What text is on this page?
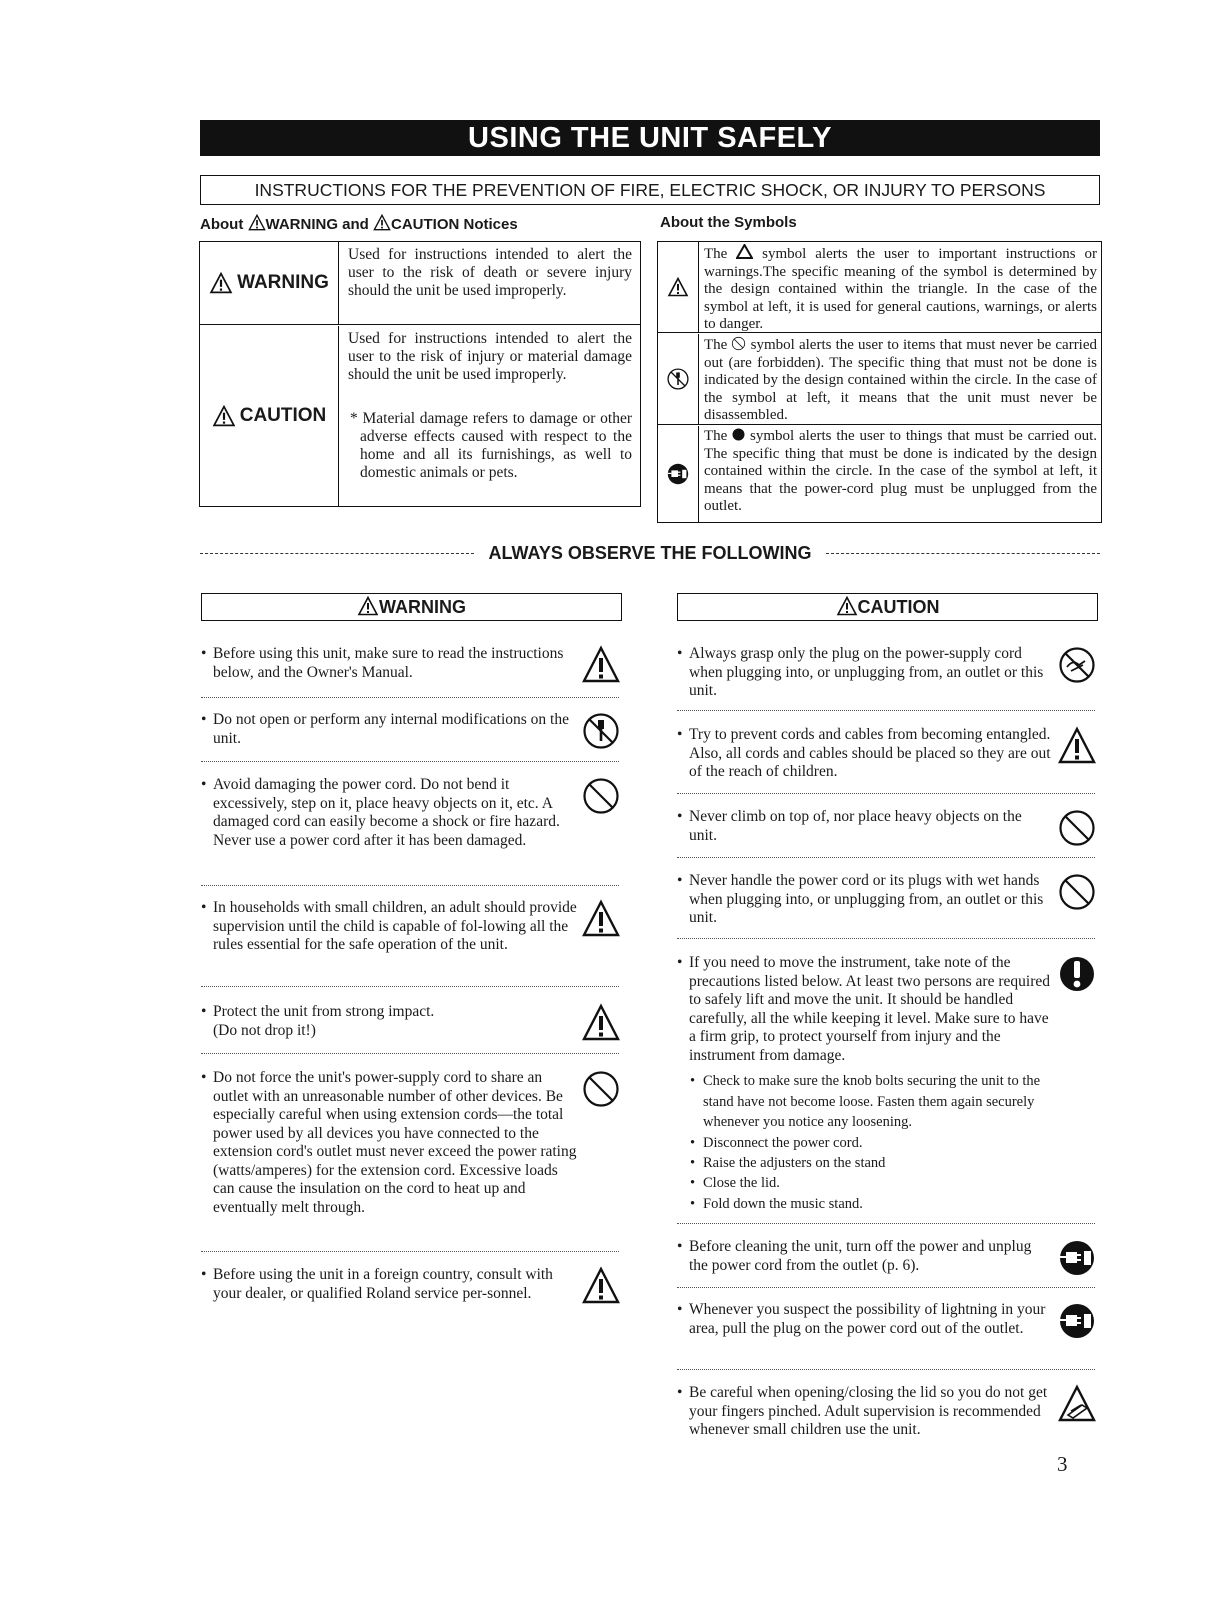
USING THE UNIT SAFELY
INSTRUCTIONS FOR THE PREVENTION OF FIRE, ELECTRIC SHOCK, OR INJURY TO PERSONS
About WARNING and CAUTION Notices	About the Symbols
WARNING
Used for instructions intended to alert the user to the risk of death or severe injury should the unit be used improperly.
CAUTION
Used for instructions intended to alert the user to the risk of injury or material damage should the unit be used improperly.
* Material damage refers to damage or other adverse effects caused with respect to the home and all its furnishings, as well to domestic animals or pets.
The symbol alerts the user to important instructions or warnings.The specific meaning of the symbol is determined by the design contained within the triangle. In the case of the symbol at left, it is used for general cautions, warnings, or alerts to danger.
The symbol alerts the user to items that must never be carried out (are forbidden). The specific thing that must not be done is indicated by the design contained within the circle. In the case of the symbol at left, it means that the unit must never be disassembled.
The symbol alerts the user to things that must be carried out. The specific thing that must be done is indicated by the design contained within the circle. In the case of the symbol at left, it means that the power-cord plug must be unplugged from the outlet.
ALWAYS OBSERVE THE FOLLOWING
WARNING	CAUTION
• Before using this unit, make sure to read the instructions below, and the Owner's Manual.
• Do not open or perform any internal modifications on the unit.
• Avoid damaging the power cord. Do not bend it excessively, step on it, place heavy objects on it, etc. A damaged cord can easily become a shock or fire hazard. Never use a power cord after it has been damaged.
• In households with small children, an adult should provide supervision until the child is capable of fol-lowing all the rules essential for the safe operation of the unit.
• Protect the unit from strong impact.
(Do not drop it!)
• Do not force the unit's power-supply cord to share an outlet with an unreasonable number of other devices. Be especially careful when using extension cords—the total power used by all devices you have connected to the extension cord's outlet must never exceed the power rating (watts/amperes) for the extension cord. Excessive loads can cause the insulation on the cord to heat up and eventually melt through.
• Before using the unit in a foreign country, consult with your dealer, or qualified Roland service per-sonnel.
• Always grasp only the plug on the power-supply cord when plugging into, or unplugging from, an outlet or this unit.
• Try to prevent cords and cables from becoming entangled. Also, all cords and cables should be placed so they are out of the reach of children.
• Never climb on top of, nor place heavy objects on the unit.
• Never handle the power cord or its plugs with wet hands when plugging into, or unplugging from, an outlet or this unit.
• If you need to move the instrument, take note of the precautions listed below. At least two persons are required to safely lift and move the unit. It should be handled carefully, all the while keeping it level. Make sure to have a firm grip, to protect yourself from injury and the instrument from damage.
• Check to make sure the knob bolts securing the unit to the stand have not become loose. Fasten them again securely whenever you notice any loosening.
• Disconnect the power cord.
• Raise the adjusters on the stand
• Close the lid.
• Fold down the music stand.
• Before cleaning the unit, turn off the power and unplug the power cord from the outlet (p. 6).
• Whenever you suspect the possibility of lightning in your area, pull the plug on the power cord out of the outlet.
• Be careful when opening/closing the lid so you do not get your fingers pinched. Adult supervision is recommended whenever small children use the unit.
3
